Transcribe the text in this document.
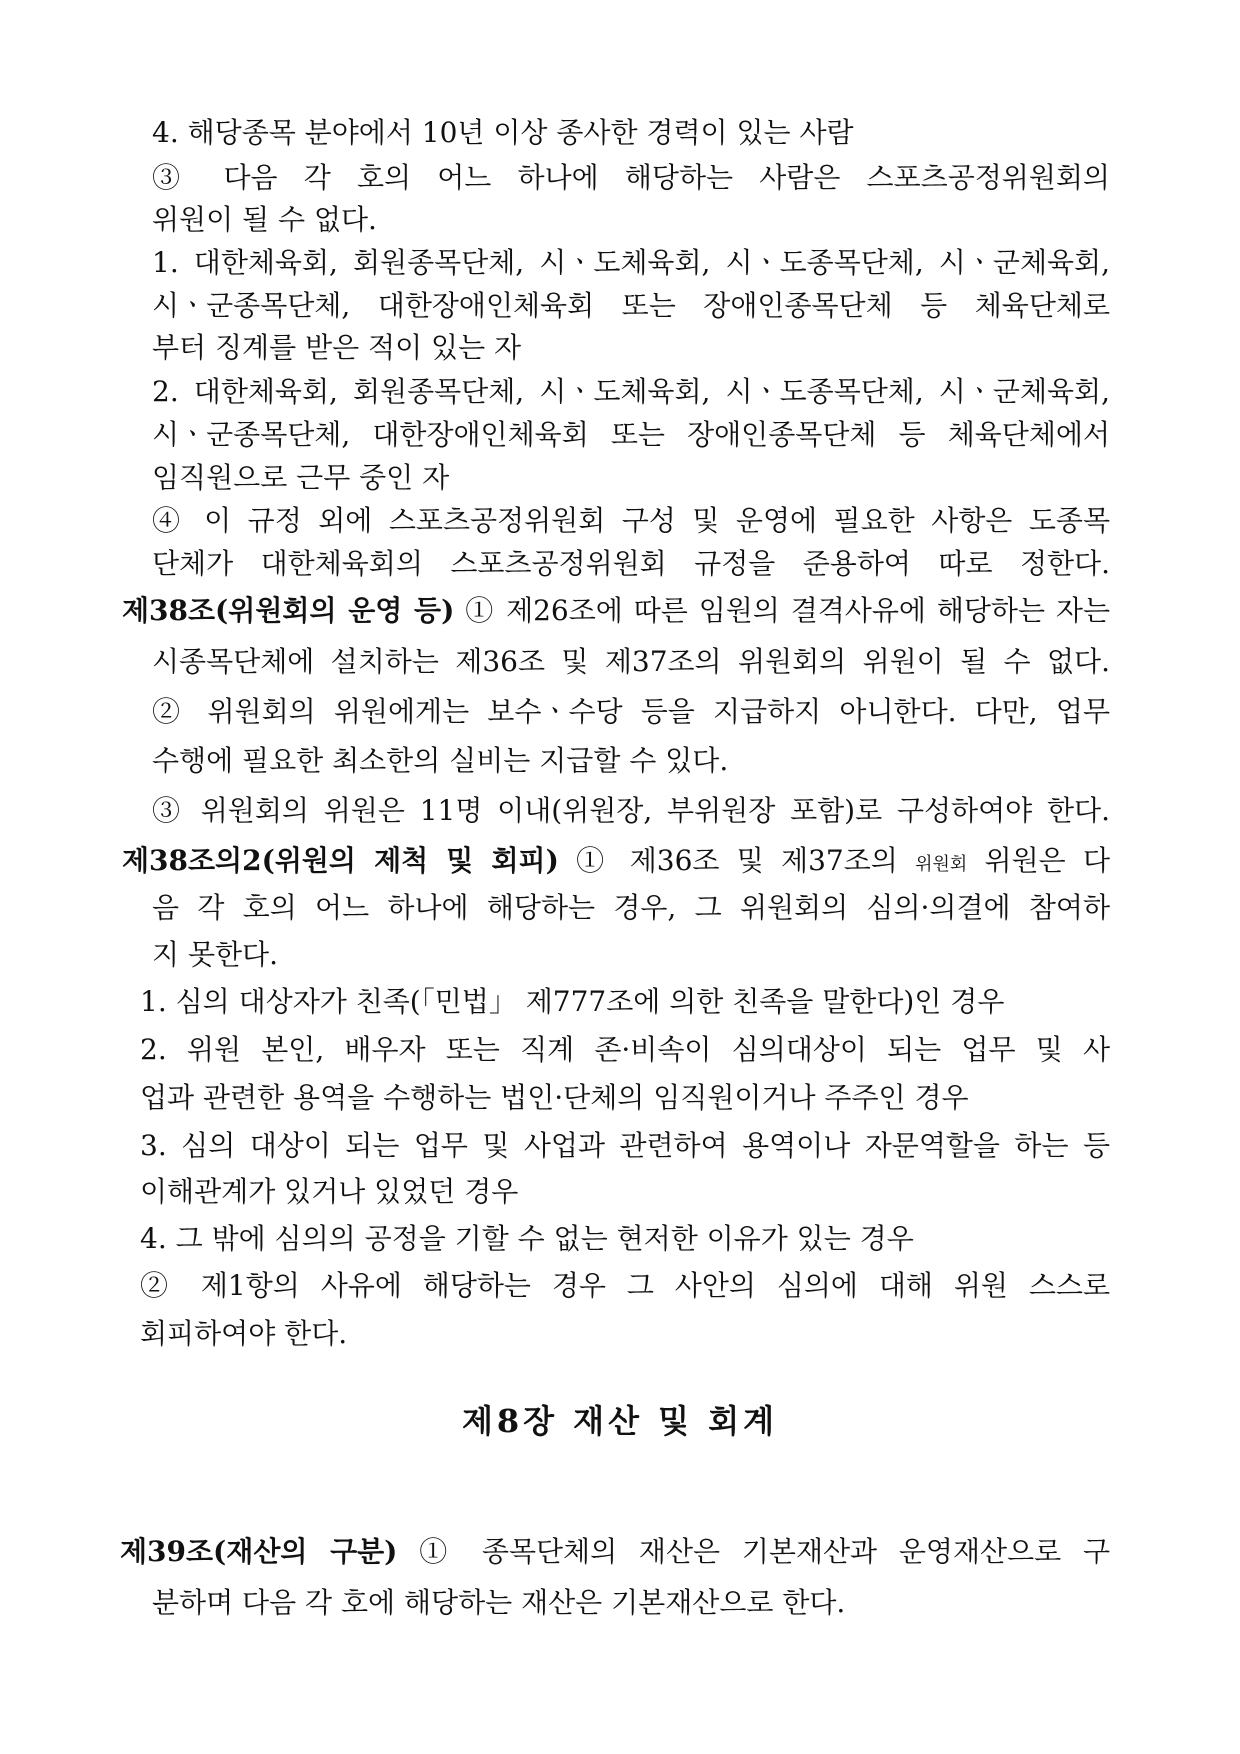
4. 해당종목 분야에서 10년 이상 종사한 경력이 있는 사람
③ 다음 각 호의 어느 하나에 해당하는 사람은 스포츠공정위원회의
위원이 될 수 없다.
1. 대한체육회, 회원종목단체, 시ㆍ도체육회, 시ㆍ도종목단체, 시ㆍ군체육회,
시ㆍ군종목단체, 대한장애인체육회 또는 장애인종목단체 등 체육단체로
부터 징계를 받은 적이 있는 자
2. 대한체육회, 회원종목단체, 시ㆍ도체육회, 시ㆍ도종목단체, 시ㆍ군체육회,
시ㆍ군종목단체, 대한장애인체육회 또는 장애인종목단체 등 체육단체에서
임직원으로 근무 중인 자
④ 이 규정 외에 스포츠공정위원회 구성 및 운영에 필요한 사항은 도종목
단체가 대한체육회의 스포츠공정위원회 규정을 준용하여 따로 정한다.
제38조(위원회의 운영 등) ① 제26조에 따른 임원의 결격사유에 해당하는 자는
시종목단체에 설치하는 제36조 및 제37조의 위원회의 위원이 될 수 없다.
② 위원회의 위원에게는 보수ㆍ수당 등을 지급하지 아니한다. 다만, 업무
수행에 필요한 최소한의 실비는 지급할 수 있다.
③ 위원회의 위원은 11명 이내(위원장, 부위원장 포함)로 구성하여야 한다.
제38조의2(위원의 제척 및 회피) ① 제36조 및 제37조의 위원회 위원은 다
음 각 호의 어느 하나에 해당하는 경우, 그 위원회의 심의·의결에 참여하
지 못한다.
1. 심의 대상자가 친족(「민법」 제777조에 의한 친족을 말한다)인 경우
2. 위원 본인, 배우자 또는 직계 존·비속이 심의대상이 되는 업무 및 사
업과 관련한 용역을 수행하는 법인·단체의 임직원이거나 주주인 경우
3. 심의 대상이 되는 업무 및 사업과 관련하여 용역이나 자문역할을 하는 등
이해관계가 있거나 있었던 경우
4. 그 밖에 심의의 공정을 기할 수 없는 현저한 이유가 있는 경우
② 제1항의 사유에 해당하는 경우 그 사안의 심의에 대해 위원 스스로
회피하여야 한다.
제8장 재산 및 회계
제39조(재산의 구분) ① 종목단체의 재산은 기본재산과 운영재산으로 구
분하며 다음 각 호에 해당하는 재산은 기본재산으로 한다.
